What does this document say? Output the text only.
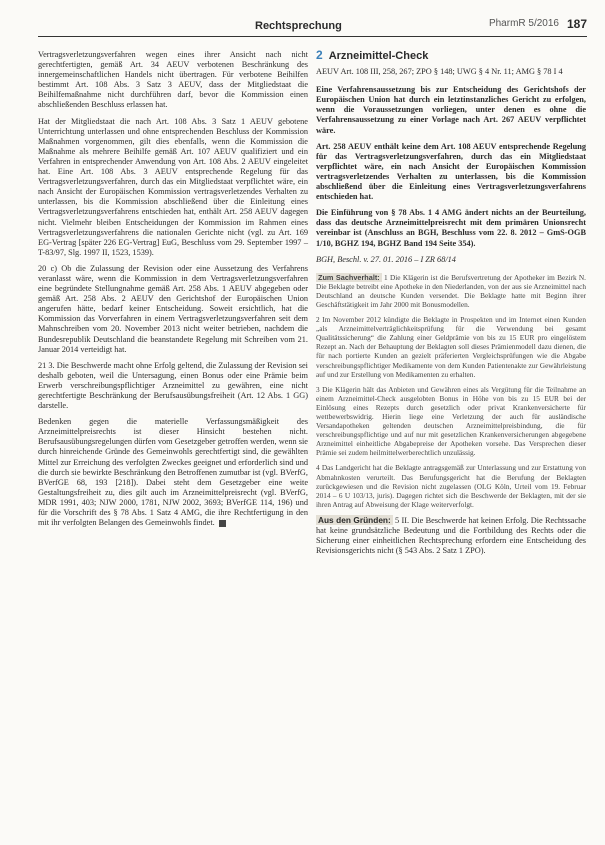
Rechtsprechung	PharmR 5/2016 187

Vertragsverletzungsverfahren wegen eines ihrer Ansicht nach nicht gerechtfertigten, gemäß Art. 34 AEUV verbotenen Beschränkung des innergemeinschaftlichen Handels nicht übertragen. Für verbotene Beihilfen bestimmt Art. 108 Abs. 3 Satz 3 AEUV, dass der Mitgliedstaat die Beihilfemaßnahme nicht durchführen darf, bevor die Kommission einen abschließenden Beschluss erlassen hat.

Hat der Mitgliedstaat die nach Art. 108 Abs. 3 Satz 1 AEUV gebotene Unterrichtung unterlassen und ohne entsprechenden Beschluss der Kommission Maßnahmen vorgenommen, gilt dies ebenfalls, wenn die Kommission die Maßnahme als mehrere Beihilfe gemäß Art. 107 AEUV qualifiziert und ein Verfahren in entsprechender Anwendung von Art. 108 Abs. 2 AEUV eingeleitet hat. Eine Art. 108 Abs. 3 AEUV entsprechende Regelung für das Vertragsverletzungsverfahren, durch das ein Mitgliedstaat verpflichtet wäre, ein nach Ansicht der Europäischen Kommission vertragsverletzendes Verhalten zu unterlassen, bis die Kommission abschließend über die Einleitung eines Vertragsverletzungsverfahrens entschieden hat, enthält Art. 258 AEUV dagegen nicht. Vielmehr bleiben Entscheidungen der Kommission im Rahmen eines Vertragsverletzungsverfahrens die nationalen Gerichte nicht (vgl. zu Art. 169 EG-Vertrag [später 226 EG-Vertrag] EuG, Beschluss vom 29. September 1997 – T-83/97, Slg. 1997 II, 1523, 1539).

20 c) Ob die Zulassung der Revision oder eine Aussetzung des Verfahrens veranlasst wäre, wenn die Kommission in dem Vertragsverletzungsverfahren eine begründete Stellungnahme gemäß Art. 258 Abs. 1 AEUV abgegeben oder gemäß Art. 258 Abs. 2 AEUV den Gerichtshof der Europäischen Union angerufen hätte, bedarf keiner Entscheidung. Soweit ersichtlich, hat die Kommission das Vorverfahren in einem Vertragsverletzungsverfahren seit dem Mahnschreiben vom 20. November 2013 nicht weiter betrieben, nachdem die Bundesrepublik Deutschland die beanstandete Regelung mit Schreiben vom 21. Januar 2014 verteidigt hat.

21 3. Die Beschwerde macht ohne Erfolg geltend, die Zulassung der Revision sei deshalb geboten, weil die Untersagung, einen Bonus oder eine Prämie beim Erwerb verschreibungspflichtiger Arzneimittel zu gewähren, eine nicht gerechtfertigte Beschränkung der Berufsausübungsfreiheit (Art. 12 Abs. 1 GG) darstelle.

Bedenken gegen die materielle Verfassungsmäßigkeit des Arzneimittelpreisrechts ist dieser Hinsicht bestehen nicht. Berufsausübungsregelungen dürfen vom Gesetzgeber getroffen werden, wenn sie durch hinreichende Gründe des Gemeinwohls gerechtfertigt sind, die gewählten Mittel zur Erreichung des verfolgten Zweckes geeignet und erforderlich sind und die durch sie bewirkte Beschränkung den Betroffenen zumutbar ist (vgl. BVerfG, BVerfGE 68, 193 [218]). Dabei steht dem Gesetzgeber eine weite Gestaltungsfreiheit zu, dies gilt auch im Arzneimittelpreisrecht (vgl. BVerfG, MDR 1991, 403; NJW 2000, 1781, NJW 2002, 3693; BVerfGE 114, 196) und für die Vorschrift des § 78 Abs. 1 Satz 4 AMG, die ihre Rechtfertigung in den mit ihr verfolgten Belangen des Gemeinwohls findet.

2 Arzneimittel-Check

AEUV Art. 108 III, 258, 267; ZPO § 148; UWG § 4 Nr. 11; AMG § 78 I 4

Eine Verfahrensaussetzung bis zur Entscheidung des Gerichtshofs der Europäischen Union hat durch ein letztinstanzliches Gericht zu erfolgen, wenn die Voraussetzungen vorliegen, unter denen es ohne die Verfahrensaussetzung zu einer Vorlage nach Art. 267 AEUV verpflichtet wäre.

Art. 258 AEUV enthält keine dem Art. 108 AEUV entsprechende Regelung für das Vertragsverletzungsverfahren, durch das ein Mitgliedstaat verpflichtet wäre, ein nach Ansicht der Europäischen Kommission vertragsverletzendes Verhalten zu unterlassen, bis die Kommission abschließend über die Einleitung eines Vertragsverletzungsverfahrens entschieden hat.

Die Einführung von § 78 Abs. 1 4 AMG ändert nichts an der Beurteilung, dass das deutsche Arzneimittelpreisrecht mit dem primären Unionsrecht vereinbar ist (Anschluss an BGH, Beschluss vom 22. 8. 2012 – GmS-OGB 1/10, BGHZ 194, BGHZ Band 194 Seite 354).

BGH, Beschl. v. 27. 01. 2016 – I ZR 68/14

Zum Sachverhalt: 1 Die Klägerin ist die Berufsvertretung der Apotheker im Bezirk N. Die Beklagte betreibt eine Apotheke in den Niederlanden, von der aus sie Arzneimittel nach Deutschland an deutsche Kunden versendet. Die Beklagte hatte mit Beginn ihrer Geschäftstätigkeit im Jahr 2000 mit Bonusmodellen.

2 Im November 2012 kündigte die Beklagte in Prospekten und im Internet einen Kunden „als Arzneimittelverträglichkeitsprüfung für die Verwendung bei gesamt Qualitätssicherung“ die Zahlung einer Geldprämie von bis zu 15 EUR pro eingelöstem Rezept an. Nach der Behauptung der Beklagten soll dieses Prämienmodell dazu dienen, die für nach portierte Kunden an gezielt präferierten Vergleichsprüfungen wie die Abgabe verschreibungspflichtiger Medikamente von dem Kunden Patientenakte zur Gewährleistung auf und zur Erstellung von Medikamenten zu erhalten.

3 Die Klägerin hält das Anbieten und Gewähren eines als Vergütung für die Teilnahme an einem Arzneimittel-Check ausgelobten Bonus in Höhe von bis zu 15 EUR bei der Einlösung eines Rezepts durch gesetzlich oder privat Krankenversicherte für wettbewerbswidrig. Hierin liege eine Verletzung der auch für ausländische Versandapotheken geltenden deutschen Arzneimittelpreisbindung, die für verschreibungspflichtige und auf nur mit gesetzlichen Krankenversicherungen abgegebene Arzneimittel einheitliche Abgabepreise der Apotheken vorsehe. Das Versprechen dieser Prämie sei zudem heilmittelwerberechtlich unzulässig.

4 Das Landgericht hat die Beklagte antragsgemäß zur Unterlassung und zur Erstattung von Abmahnkosten verurteilt. Das Berufungsgericht hat die Berufung der Beklagten zurückgewiesen und die Revision nicht zugelassen (OLG Köln, Urteil vom 19. Februar 2014 – 6 U 103/13, juris). Dagegen richtet sich die Beschwerde der Beklagten, mit der sie ihren Antrag auf Abweisung der Klage weiterverfolgt.

Aus den Gründen: 5 II. Die Beschwerde hat keinen Erfolg. Die Rechtssache hat keine grundsätzliche Bedeutung und die Fortbildung des Rechts oder die Sicherung einer einheitlichen Rechtsprechung erfordern eine Entscheidung des Revisionsgerichts nicht (§ 543 Abs. 2 Satz 1 ZPO).
